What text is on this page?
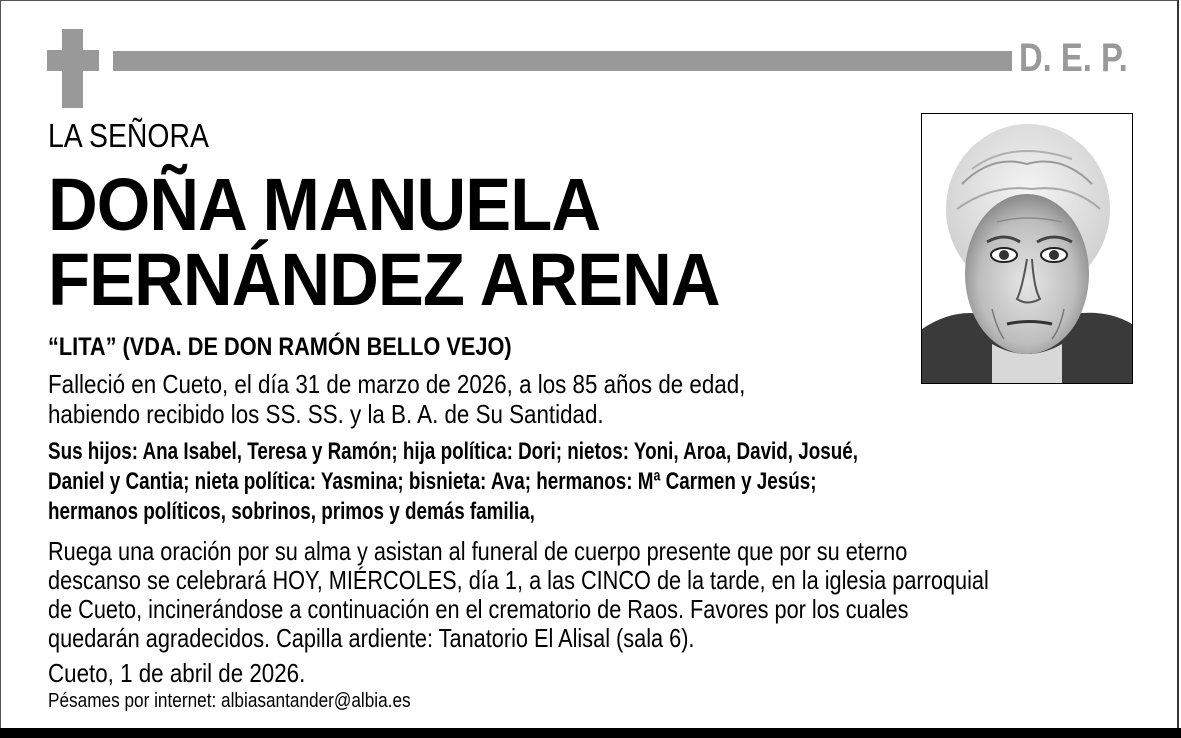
D. E. P.
LA SEÑORA
DOÑA MANUELA
FERNÁNDEZ ARENA
“LITA” (VDA. DE DON RAMÓN BELLO VEJO)
Falleció en Cueto, el día 31 de marzo de 2026, a los 85 años de edad,
habiendo recibido los SS. SS. y la B. A. de Su Santidad.
Sus hijos: Ana Isabel, Teresa y Ramón; hija política: Dori; nietos: Yoni, Aroa, David, Josué,
Daniel y Cantia; nieta política: Yasmina; bisnieta: Ava; hermanos: Mª Carmen y Jesús;
hermanos políticos, sobrinos, primos y demás familia,
Ruega una oración por su alma y asistan al funeral de cuerpo presente que por su eterno
descanso se celebrará HOY, MIÉRCOLES, día 1, a las CINCO de la tarde, en la iglesia parroquial
de Cueto, incinerándose a continuación en el crematorio de Raos. Favores por los cuales
quedarán agradecidos. Capilla ardiente: Tanatorio El Alisal (sala 6).
Cueto, 1 de abril de 2026.
Pésames por internet: albiasantander@albia.es
